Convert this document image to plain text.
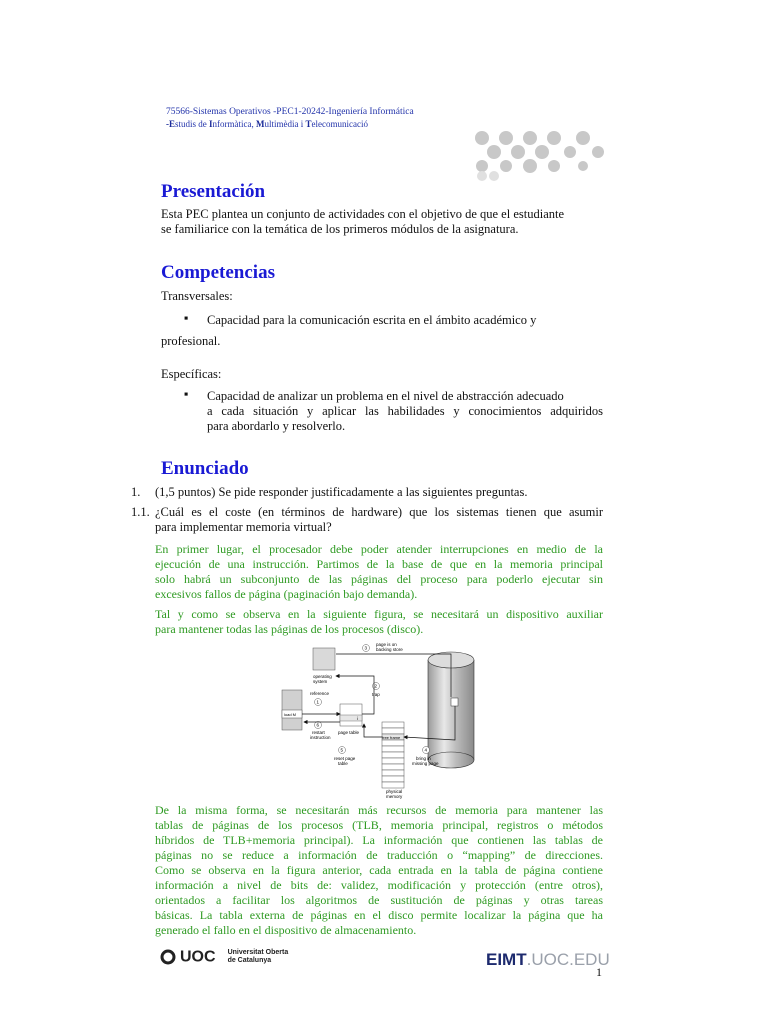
75566-Sistemas Operativos -PEC1-20242-Ingeniería Informática
-Estudis de Informàtica, Multimèdia i Telecomunicació
Presentación
Esta PEC plantea un conjunto de actividades con el objetivo de que el estudiante
se familiarice con la temática de los primeros módulos de la asignatura.
Competencias
Transversales:
▪ Capacidad para la comunicación escrita en el ámbito académico y
profesional.
Específicas:
▪ Capacidad de analizar un problema en el nivel de abstracción adecuado
a cada situación y aplicar las habilidades y conocimientos adquiridos
para abordarlo y resolverlo.
Enunciado
1. (1,5 puntos) Se pide responder justificadamente a las siguientes preguntas.
1.1. ¿Cuál es el coste (en términos de hardware) que los sistemas tienen que asumir
para implementar memoria virtual?
En primer lugar, el procesador debe poder atender interrupciones en medio de la
ejecución de una instrucción. Partimos de la base de que en la memoria principal
solo habrá un subconjunto de las páginas del proceso para poderlo ejecutar sin
excesivos fallos de página (paginación bajo demanda).
Tal y como se observa en la siguiente figura, se necesitará un dispositivo auxiliar
para mantener todas las páginas de los procesos (disco).
operating
system
3
page is on
backing store
load M
reference
1
6
restart
instruction
i
page table
2
trap
free frame
physical
memory
5
reset page
table
4
bring in
missing page
De la misma forma, se necesitarán más recursos de memoria para mantener las
tablas de páginas de los procesos (TLB, memoria principal, registros o métodos
híbridos de TLB+memoria principal). La información que contienen las tablas de
páginas no se reduce a información de traducción o “mapping” de direcciones.
Como se observa en la figura anterior, cada entrada en la tabla de página contiene
información a nivel de bits de: validez, modificación y protección (entre otros),
orientados a facilitar los algoritmos de sustitución de páginas y otras tareas
básicas. La tabla externa de páginas en el disco permite localizar la página que ha
generado el fallo en el dispositivo de almacenamiento.
UOC Universitat Oberta
de Catalunya	EIMT.UOC.EDU
1
